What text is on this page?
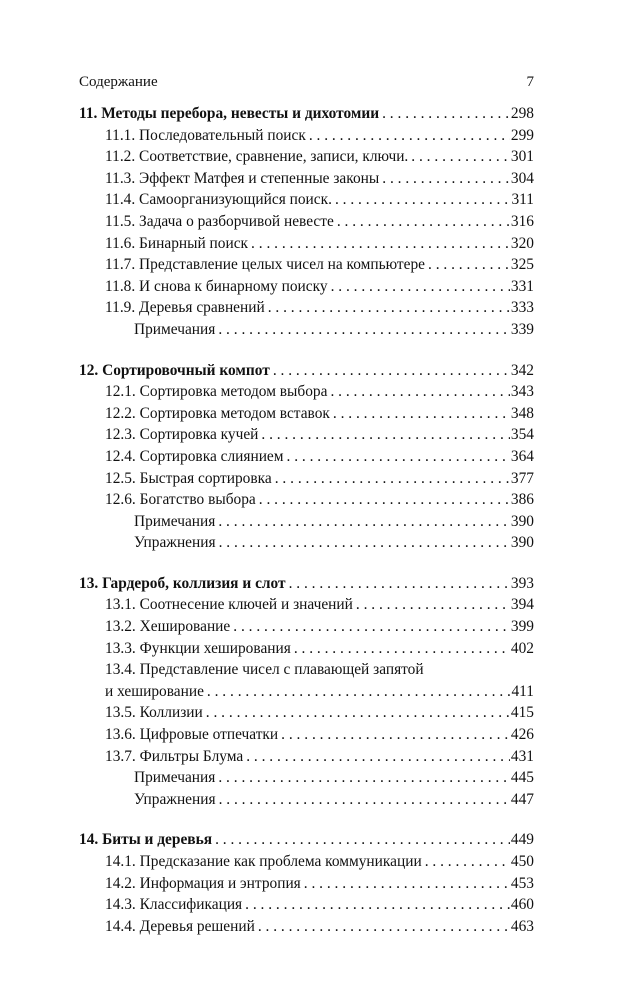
Содержание	7
11. Методы перебора, невесты и дихотомии . . .	298
11.1. Последовательный поиск . . .	299
11.2. Соответствие, сравнение, записи, ключи. . . .	301
11.3. Эффект Матфея и степенные законы . . .	304
11.4. Самоорганизующийся поиск. . . .	311
11.5. Задача о разборчивой невесте . . .	316
11.6. Бинарный поиск . . .	320
11.7. Представление целых чисел на компьютере . . .	325
11.8. И снова к бинарному поиску . . .	331
11.9. Деревья сравнений . . .	333
Примечания . . .	339
12. Сортировочный компот . . .	342
12.1. Сортировка методом выбора . . .	343
12.2. Сортировка методом вставок . . .	348
12.3. Сортировка кучей . . .	354
12.4. Сортировка слиянием . . .	364
12.5. Быстрая сортировка . . .	377
12.6. Богатство выбора . . .	386
Примечания . . .	390
Упражнения . . .	390
13. Гардероб, коллизия и слот . . .	393
13.1. Соотнесение ключей и значений . . .	394
13.2. Хеширование . . .	399
13.3. Функции хеширования . . .	402
13.4. Представление чисел с плавающей запятой
и хеширование . . .	411
13.5. Коллизии . . .	415
13.6. Цифровые отпечатки . . .	426
13.7. Фильтры Блума . . .	431
Примечания . . .	445
Упражнения . . .	447
14. Биты и деревья . . .	449
14.1. Предсказание как проблема коммуникации . . .	450
14.2. Информация и энтропия . . .	453
14.3. Классификация . . .	460
14.4. Деревья решений . . .	463
